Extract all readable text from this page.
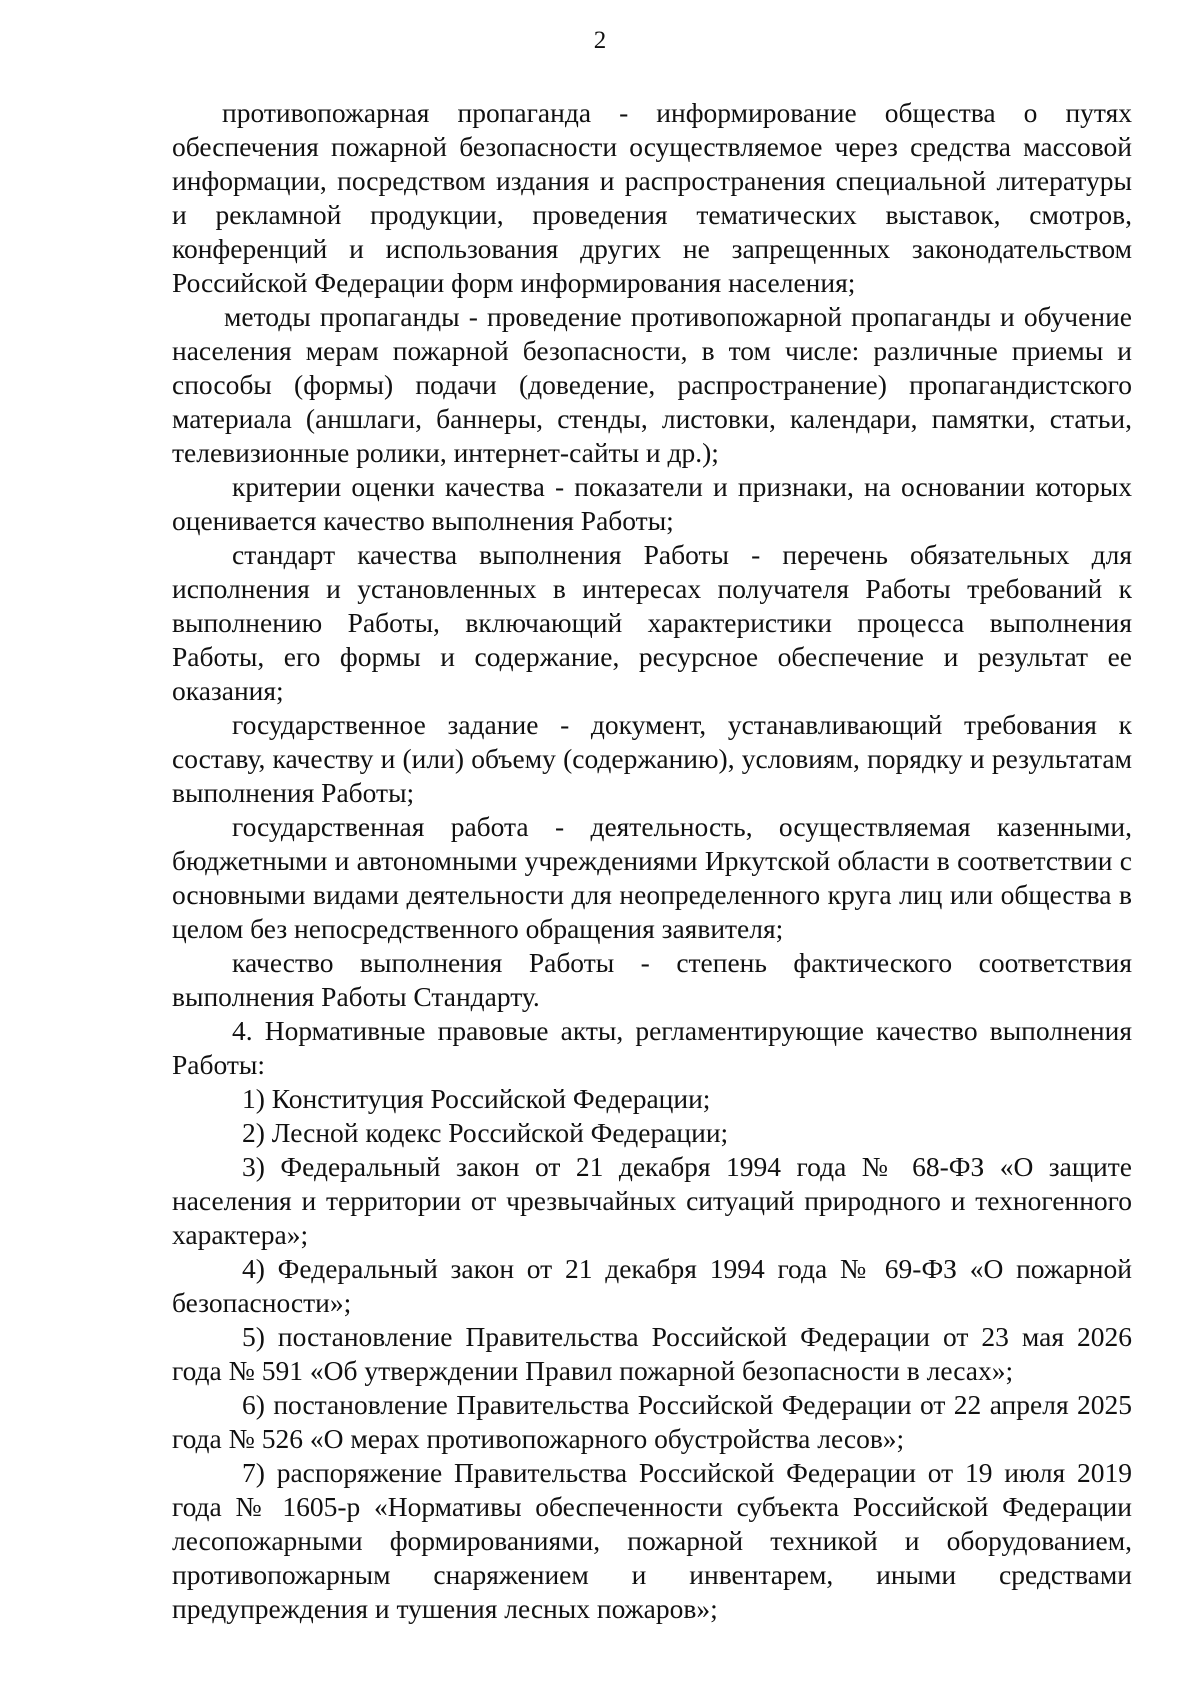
2

противопожарная пропаганда - информирование общества о путях обеспечения пожарной безопасности осуществляемое через средства массовой информации, посредством издания и распространения специальной литературы и рекламной продукции, проведения тематических выставок, смотров, конференций и использования других не запрещенных законодательством Российской Федерации форм информирования населения;

методы пропаганды - проведение противопожарной пропаганды и обучение населения мерам пожарной безопасности, в том числе: различные приемы и способы (формы) подачи (доведение, распространение) пропагандистского материала (аншлаги, баннеры, стенды, листовки, календари, памятки, статьи, телевизионные ролики, интернет-сайты и др.);

критерии оценки качества - показатели и признаки, на основании которых оценивается качество выполнения Работы;

стандарт качества выполнения Работы - перечень обязательных для исполнения и установленных в интересах получателя Работы требований к выполнению Работы, включающий характеристики процесса выполнения Работы, его формы и содержание, ресурсное обеспечение и результат ее оказания;

государственное задание - документ, устанавливающий требования к составу, качеству и (или) объему (содержанию), условиям, порядку и результатам выполнения Работы;

государственная работа - деятельность, осуществляемая казенными, бюджетными и автономными учреждениями Иркутской области в соответствии с основными видами деятельности для неопределенного круга лиц или общества в целом без непосредственного обращения заявителя;

качество выполнения Работы - степень фактического соответствия выполнения Работы Стандарту.

4. Нормативные правовые акты, регламентирующие качество выполнения Работы:

1) Конституция Российской Федерации;

2) Лесной кодекс Российской Федерации;

3) Федеральный закон от 21 декабря 1994 года № 68-ФЗ «О защите населения и территории от чрезвычайных ситуаций природного и техногенного характера»;

4) Федеральный закон от 21 декабря 1994 года № 69-ФЗ «О пожарной безопасности»;

5) постановление Правительства Российской Федерации от 23 мая 2026 года № 591 «Об утверждении Правил пожарной безопасности в лесах»;

6) постановление Правительства Российской Федерации от 22 апреля 2025 года № 526 «О мерах противопожарного обустройства лесов»;

7) распоряжение Правительства Российской Федерации от 19 июля 2019 года № 1605-р «Нормативы обеспеченности субъекта Российской Федерации лесопожарными формированиями, пожарной техникой и оборудованием, противопожарным снаряжением и инвентарем, иными средствами предупреждения и тушения лесных пожаров»;
